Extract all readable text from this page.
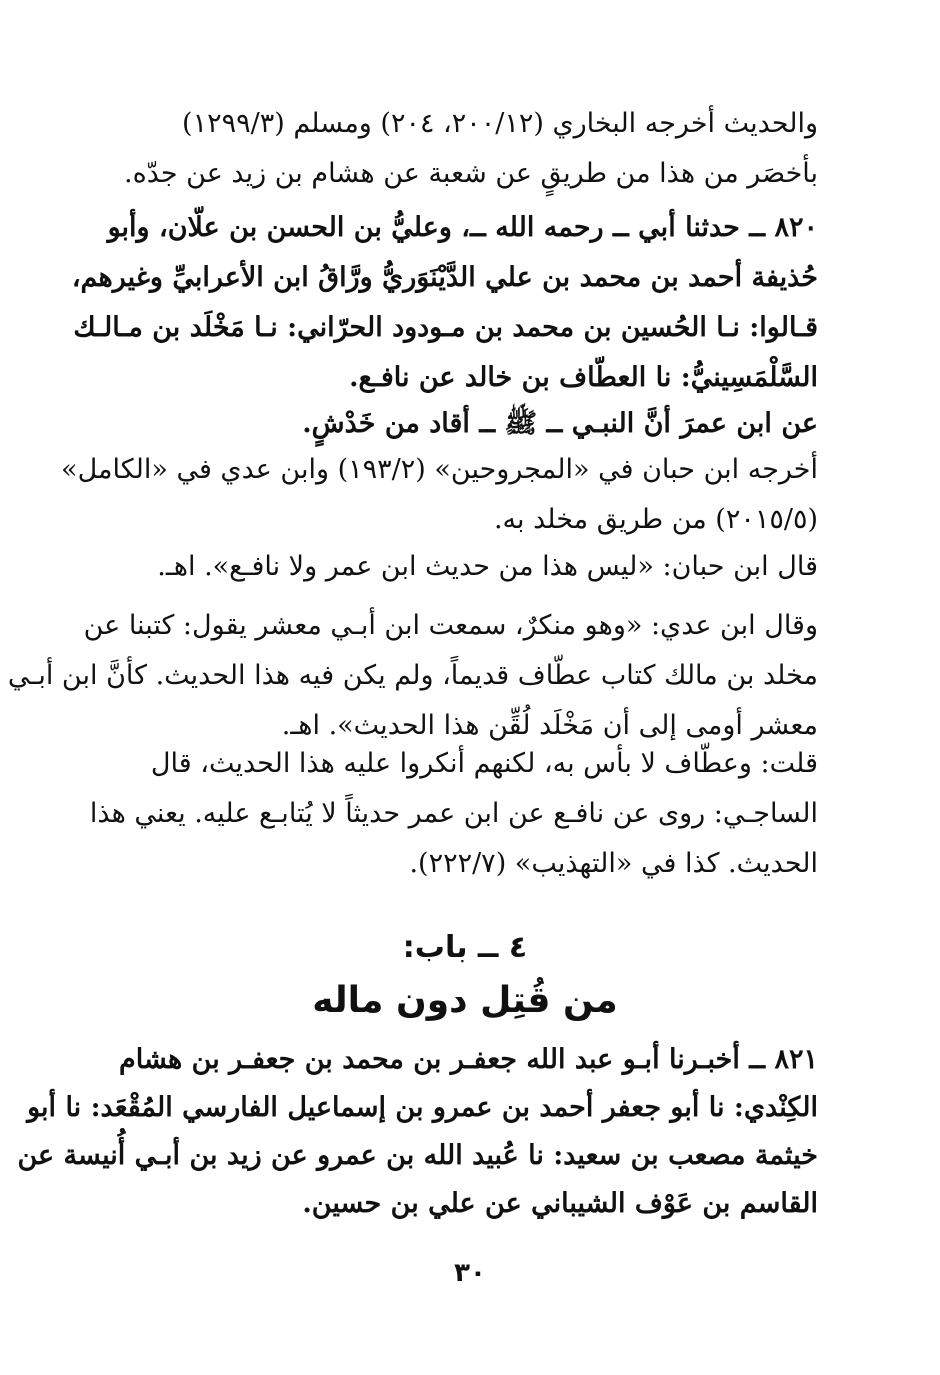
والحديث أخرجه البخاري (٢٠٠/١٢، ٢٠٤) ومسلم (١٢٩٩/٣)
بأخصَر من هذا من طريقٍ عن شعبة عن هشام بن زيد عن جدّه.
٨٢٠ ــ حدثنا أبي ــ رحمه الله ــ، وعليُّ بن الحسن بن علّان، وأبو
حُذيفة أحمد بن محمد بن علي الدَّيْنَوَريُّ ورَّاقُ ابن الأعرابيِّ وغيرهم،
قـالوا: نـا الحُسين بن محمد بن مـودود الحرّاني: نـا مَخْلَد بن مـالـك
السَّلْمَسِينيُّ: نا العطّاف بن خالد عن نافـع.
عن ابن عمرَ أنَّ النبـي ــ ﷺ ــ أقاد من خَدْشٍ.
أخرجه ابن حبان في «المجروحين» (١٩٣/٢) وابن عدي في «الكامل»
(٢٠١٥/٥) من طريق مخلد به.
قال ابن حبان: «ليس هذا من حديث ابن عمر ولا نافـع». اهـ.
وقال ابن عدي: «وهو منكرٌ، سمعت ابن أبـي معشر يقول: كتبنا عن
مخلد بن مالك كتاب عطّاف قديماً، ولم يكن فيه هذا الحديث. كأنَّ ابن أبـي
معشر أومى إلى أن مَخْلَد لُقِّن هذا الحديث». اهـ.
قلت: وعطّاف لا بأس به، لكنهم أنكروا عليه هذا الحديث، قال
الساجـي: روى عن نافـع عن ابن عمر حديثاً لا يُتابـع عليه. يعني هذا
الحديث. كذا في «التهذيب» (٢٢٢/٧).
٤ ــ باب:
من قُتِل دون ماله
٨٢١ ــ أخبـرنا أبـو عبد الله جعفـر بن محمد بن جعفـر بن هشام
الكِنْدي: نا أبو جعفر أحمد بن عمرو بن إسماعيل الفارسي المُقْعَد: نا أبو
خيثمة مصعب بن سعيد: نا عُبيد الله بن عمرو عن زيد بن أبـي أُنيسة عن
القاسم بن عَوْف الشيباني عن علي بن حسين.
٣٠
